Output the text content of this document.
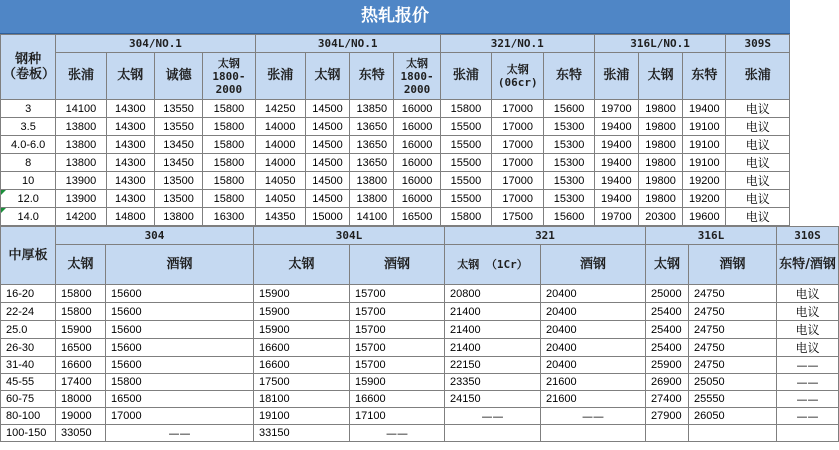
热轧报价
钢种（卷板）	304/NO.1				304L/NO.1				321/NO.1			316L/NO.1			309S
	张浦	太钢	诚德	太钢 1800-2000	张浦	太钢	东特	太钢 1800-2000	张浦	太钢 (06cr)	东特	张浦	太钢	东特	张浦
3	14100	14300	13550	15800	14250	14500	13850	16000	15800	17000	15600	19700	19800	19400	电议
3.5	13800	14300	13550	15800	14000	14500	13650	16000	15500	17000	15300	19400	19800	19100	电议
4.0-6.0	13800	14300	13450	15800	14000	14500	13650	16000	15500	17000	15300	19400	19800	19100	电议
8	13800	14300	13450	15800	14000	14500	13650	16000	15500	17000	15300	19400	19800	19100	电议
10	13900	14300	13500	15800	14050	14500	13800	16000	15500	17000	15300	19400	19800	19200	电议
12.0	13900	14300	13500	15800	14050	14500	13800	16000	15500	17000	15300	19400	19800	19200	电议
14.0	14200	14800	13800	16300	14350	15000	14100	16500	15800	17500	15600	19700	20300	19600	电议
中厚板	304		304L		321		316L		310S
	太钢	酒钢	太钢	酒钢	太钢 （1Cr）	酒钢	太钢	酒钢	东特/酒钢
16-20	15800	15600	15900	15700	20800	20400	25000	24750	电议
22-24	15800	15600	15900	15700	21400	20400	25400	24750	电议
25.0	15900	15600	15900	15700	21400	20400	25400	24750	电议
26-30	16500	15600	16600	15700	21400	20400	25400	24750	电议
31-40	16600	15600	16600	15700	22150	20400	25900	24750	——
45-55	17400	15800	17500	15900	23350	21600	26900	25050	——
60-75	18000	16500	18100	16600	24150	21600	27400	25550	——
80-100	19000	17000	19100	17100	——	——	27900	26050	——
100-150	33050	——	33150	——					
